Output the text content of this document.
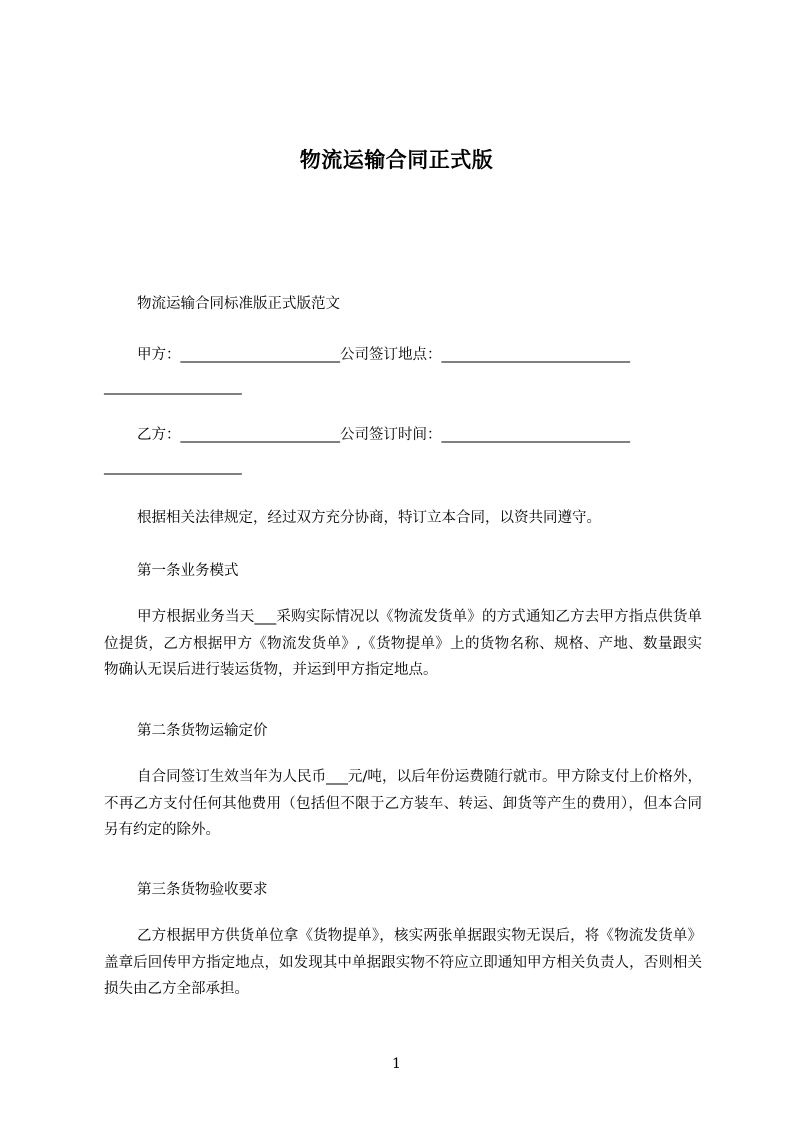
物流运输合同正式版
物流运输合同标准版正式版范文
甲方：______________________公司签订地点：__________________________
___________________
乙方：______________________公司签订时间：__________________________
___________________
根据相关法律规定，经过双方充分协商，特订立本合同，以资共同遵守。
第一条业务模式
甲方根据业务当天___采购实际情况以《物流发货单》的方式通知乙方去甲方指点供货单位提货，乙方根据甲方《物流发货单》,《货物提单》上的货物名称、规格、产地、数量跟实物确认无误后进行装运货物，并运到甲方指定地点。
第二条货物运输定价
自合同签订生效当年为人民币___元/吨，以后年份运费随行就市。甲方除支付上价格外，不再乙方支付任何其他费用（包括但不限于乙方装车、转运、卸货等产生的费用），但本合同另有约定的除外。
第三条货物验收要求
乙方根据甲方供货单位拿《货物提单》，核实两张单据跟实物无误后，将《物流发货单》盖章后回传甲方指定地点，如发现其中单据跟实物不符应立即通知甲方相关负责人，否则相关损失由乙方全部承担。
1
